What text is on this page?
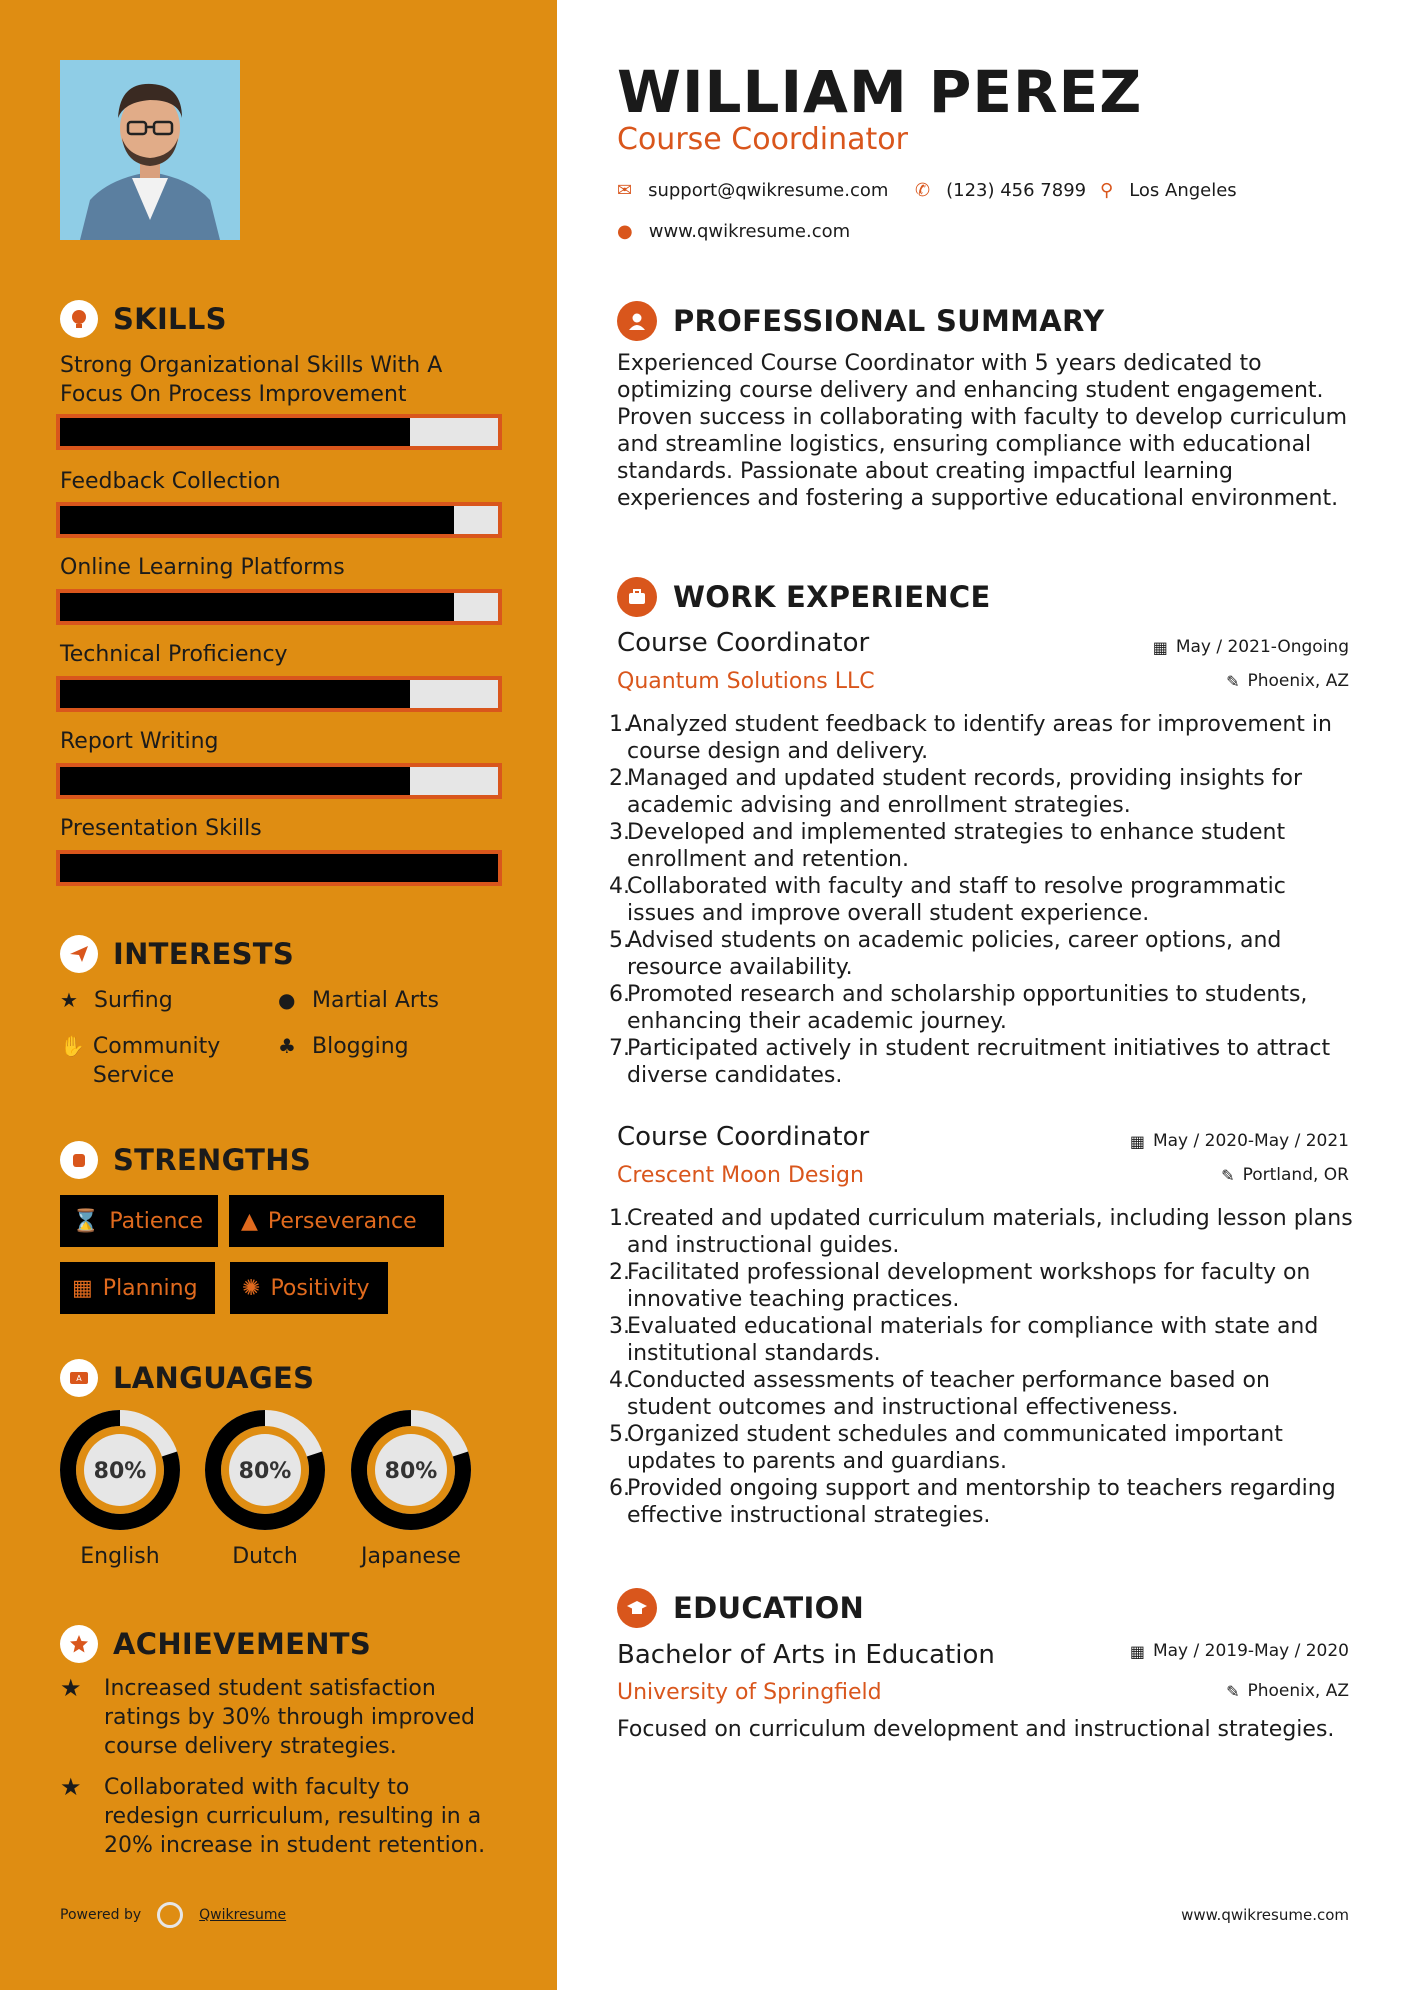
SKILLS
Strong Organizational Skills With A Focus On Process Improvement
Feedback Collection
Online Learning Platforms
Technical Proficiency
Report Writing
Presentation Skills
INTERESTS
★ Surfing	● Martial Arts
✋ Community Service
♣ Blogging
STRENGTHS
⌛ Patience ▲ Perseverance
▦ Planning ✺ Positivity
A LANGUAGES
80%	80%	80%
English	Dutch	Japanese
ACHIEVEMENTS
★	Increased student satisfaction ratings by 30% through improved course delivery strategies.
★	Collaborated with faculty to redesign curriculum, resulting in a 20% increase in student retention.
Powered by	Qwikresume
WILLIAM PEREZ
Course Coordinator
✉ support@qwikresume.com ✆ (123) 456 7899 ⚲ Los Angeles
● www.qwikresume.com
PROFESSIONAL SUMMARY
Experienced Course Coordinator with 5 years dedicated to optimizing course delivery and enhancing student engagement. Proven success in collaborating with faculty to develop curriculum and streamline logistics, ensuring compliance with educational standards. Passionate about creating impactful learning experiences and fostering a supportive educational environment.
WORK EXPERIENCE
Course Coordinator
Quantum Solutions LLC
▦ May / 2021-Ongoing
✎ Phoenix, AZ
1.
Analyzed student feedback to identify areas for improvement in course design and delivery.
2.
Managed and updated student records, providing insights for academic advising and enrollment strategies.
3.
Developed and implemented strategies to enhance student enrollment and retention.
4.
Collaborated with faculty and staff to resolve programmatic issues and improve overall student experience.
5.
Advised students on academic policies, career options, and resource availability.
6.
Promoted research and scholarship opportunities to students, enhancing their academic journey.
7.
Participated actively in student recruitment initiatives to attract diverse candidates.
Course Coordinator
Crescent Moon Design
▦ May / 2020-May / 2021
✎ Portland, OR
1.
Created and updated curriculum materials, including lesson plans and instructional guides.
2.
Facilitated professional development workshops for faculty on innovative teaching practices.
3.
Evaluated educational materials for compliance with state and institutional standards.
4.
Conducted assessments of teacher performance based on student outcomes and instructional effectiveness.
5.
Organized student schedules and communicated important updates to parents and guardians.
6.
Provided ongoing support and mentorship to teachers regarding effective instructional strategies.
EDUCATION
Bachelor of Arts in Education
University of Springfield
▦ May / 2019-May / 2020
✎ Phoenix, AZ
Focused on curriculum development and instructional strategies.
www.qwikresume.com
